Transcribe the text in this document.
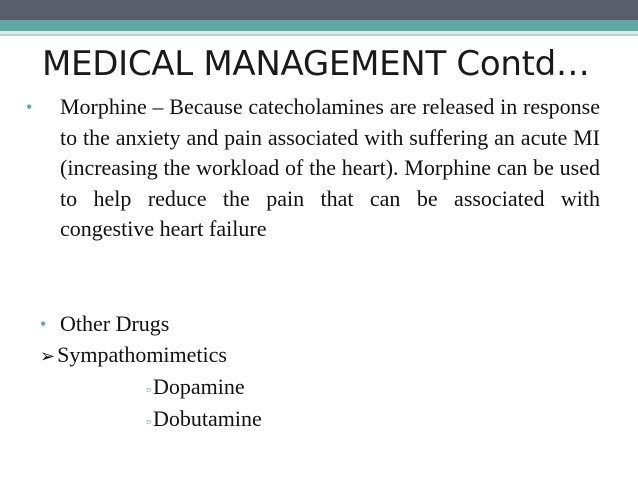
MEDICAL MANAGEMENT Contd…
•	Morphine – Because catecholamines are released in response to the anxiety and pain associated with suffering an acute MI (increasing the workload of the heart). Morphine can be used to help reduce the pain that can be associated with congestive heart failure

• Other Drugs
➢Sympathomimetics
▫Dopamine
▫Dobutamine
